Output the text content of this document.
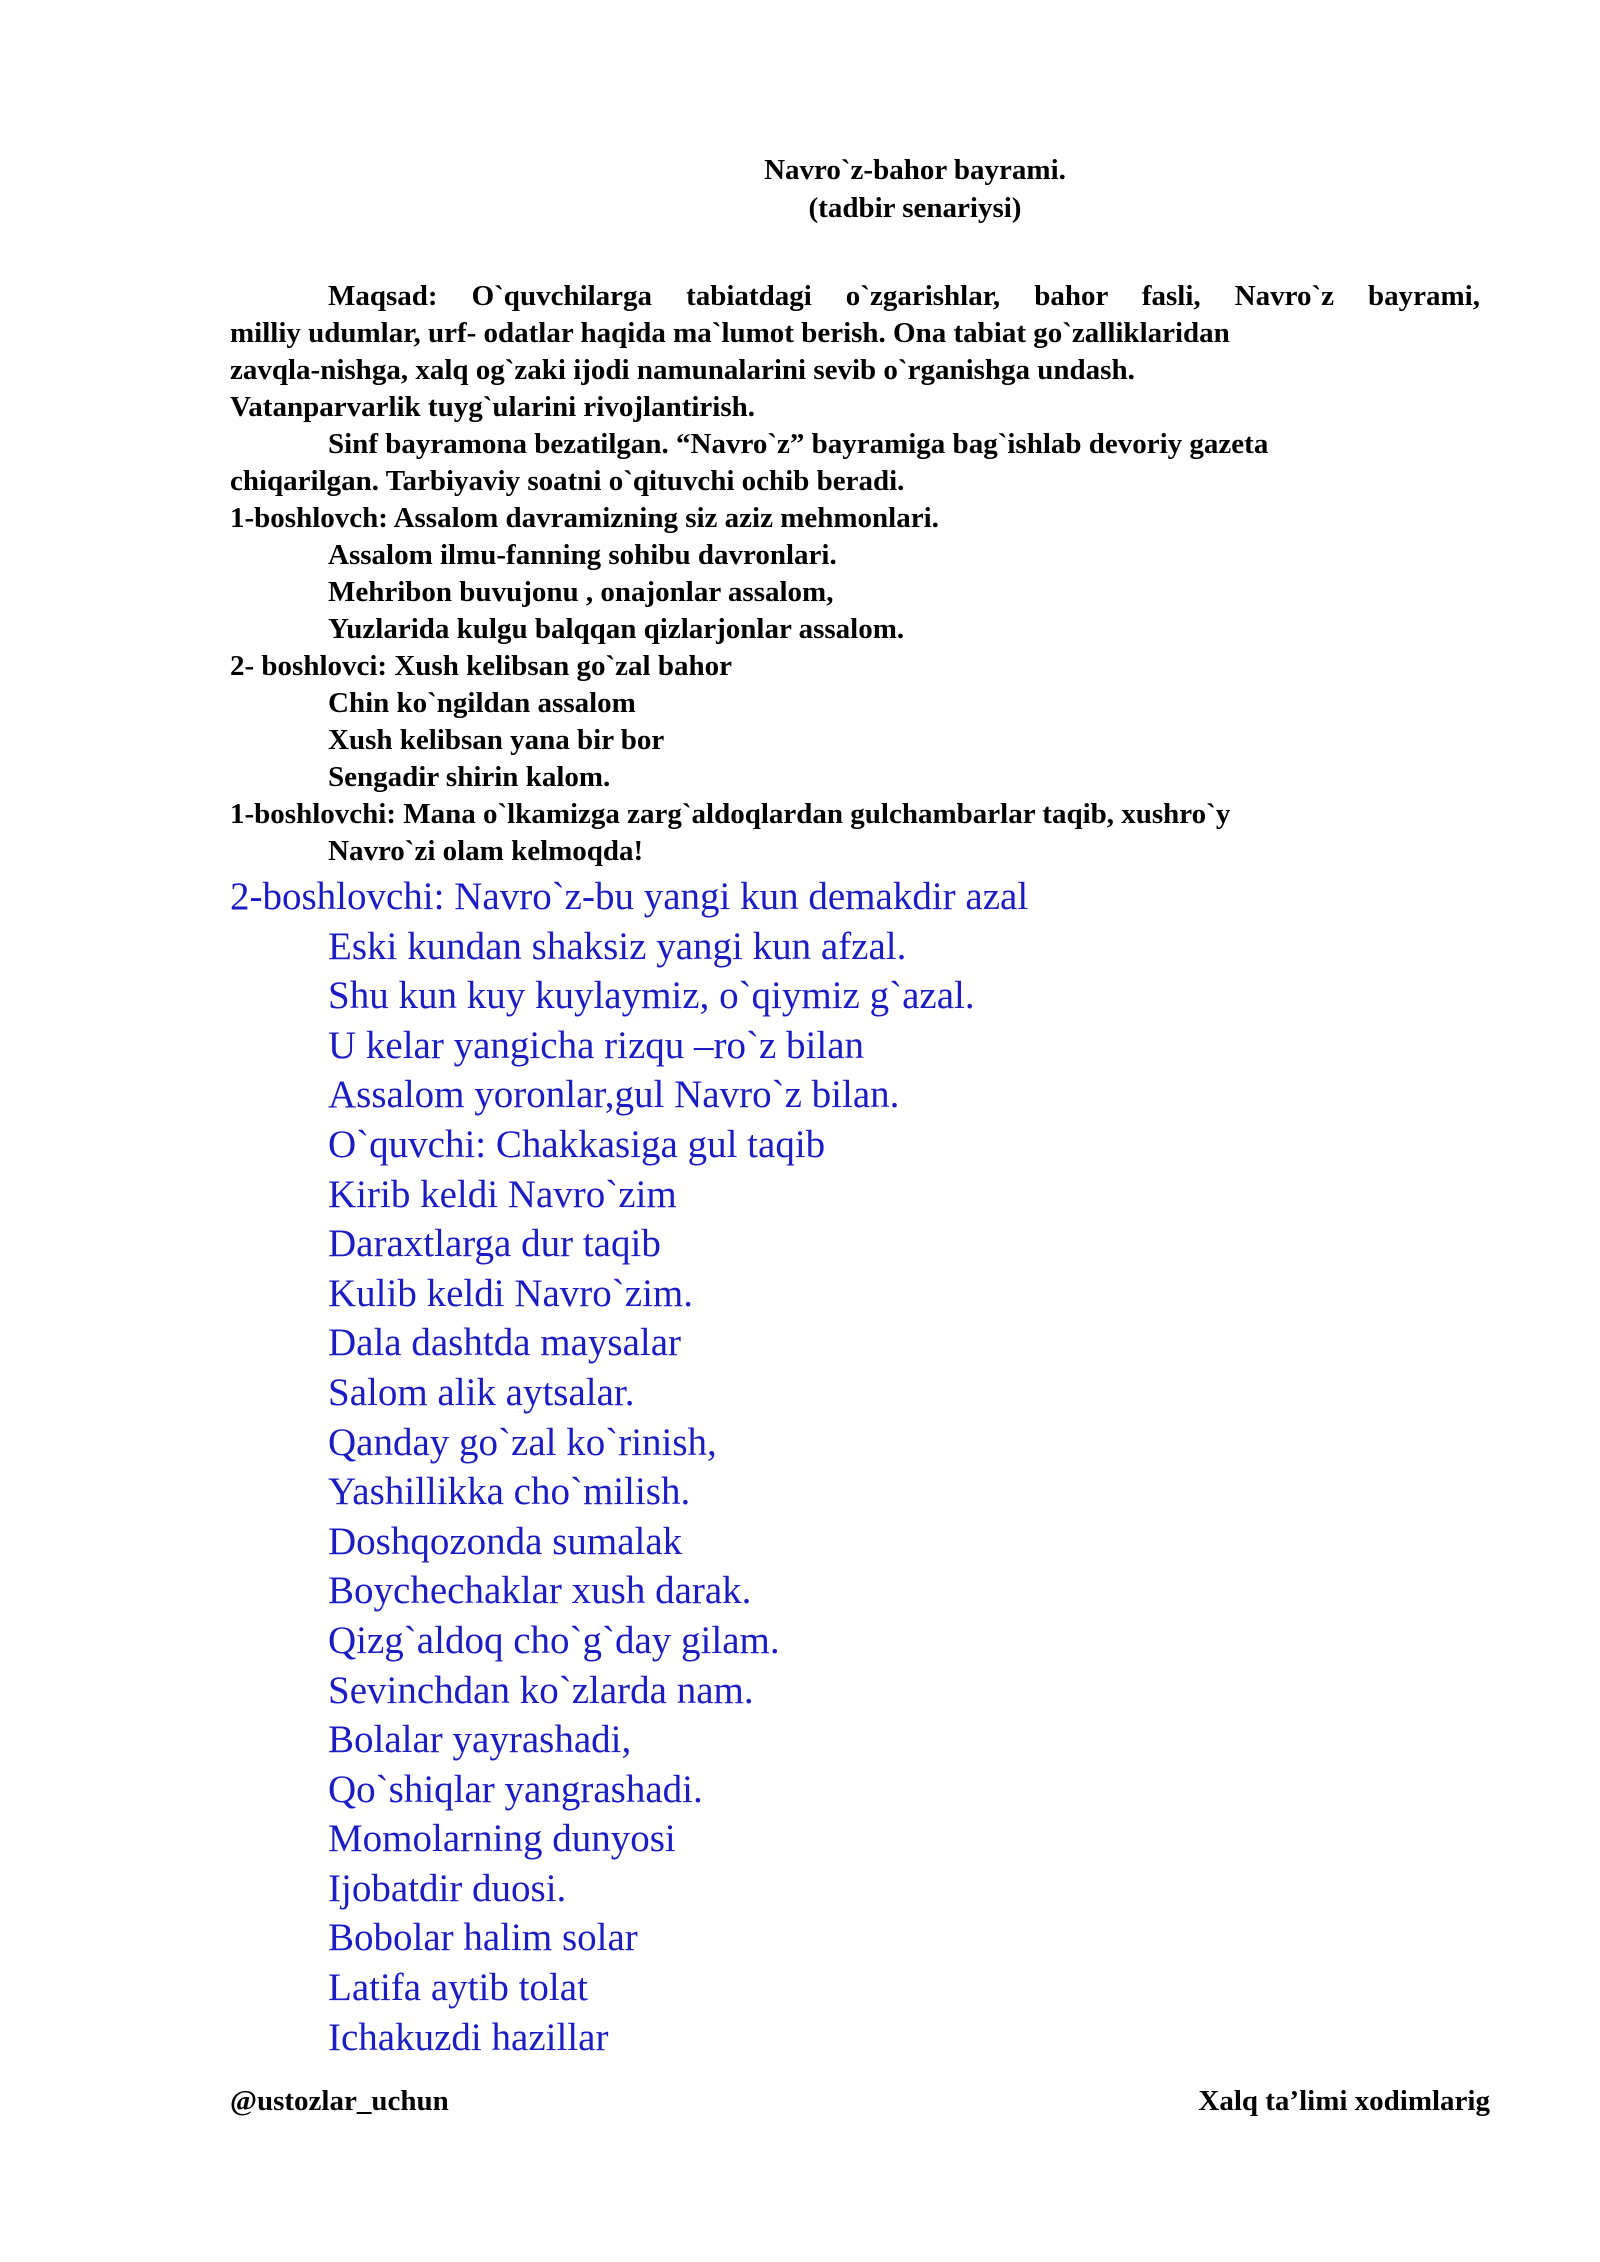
Navro`z-bahor bayrami.
(tadbir senariysi)
Maqsad: O`quvchilarga tabiatdagi o`zgarishlar, bahor fasli, Navro`z bayrami,
milliy udumlar, urf- odatlar haqida ma`lumot berish. Ona tabiat go`zalliklaridan
zavqla-nishga, xalq og`zaki ijodi namunalarini sevib o`rganishga undash.
Vatanparvarlik tuyg`ularini rivojlantirish.
Sinf bayramona bezatilgan. “Navro`z” bayramiga bag`ishlab devoriy gazeta
chiqarilgan. Tarbiyaviy soatni o`qituvchi ochib beradi.
1-boshlovch: Assalom davramizning siz aziz mehmonlari.
Assalom ilmu-fanning sohibu davronlari.
Mehribon buvujonu , onajonlar assalom,
Yuzlarida kulgu balqqan qizlarjonlar assalom.
2- boshlovci: Xush kelibsan go`zal bahor
Chin ko`ngildan assalom
Xush kelibsan yana bir bor
Sengadir shirin kalom.
1-boshlovchi: Mana o`lkamizga zarg`aldoqlardan gulchambarlar taqib, xushro`y
Navro`zi olam kelmoqda!
2-boshlovchi: Navro`z-bu yangi kun demakdir azal
Eski kundan shaksiz yangi kun afzal.
Shu kun kuy kuylaymiz, o`qiymiz g`azal.
U kelar yangicha rizqu –ro`z bilan
Assalom yoronlar,gul Navro`z bilan.
O`quvchi: Chakkasiga gul taqib
Kirib keldi Navro`zim
Daraxtlarga dur taqib
Kulib keldi Navro`zim.
Dala dashtda maysalar
Salom alik aytsalar.
Qanday go`zal ko`rinish,
Yashillikka cho`milish.
Doshqozonda sumalak
Boychechaklar xush darak.
Qizg`aldoq cho`g`day gilam.
Sevinchdan ko`zlarda nam.
Bolalar yayrashadi,
Qo`shiqlar yangrashadi.
Momolarning dunyosi
Ijobatdir duosi.
Bobolar halim solar
Latifa aytib tolat
Ichakuzdi hazillar
@ustozlar_uchun	Xalq ta’limi xodimlarig
